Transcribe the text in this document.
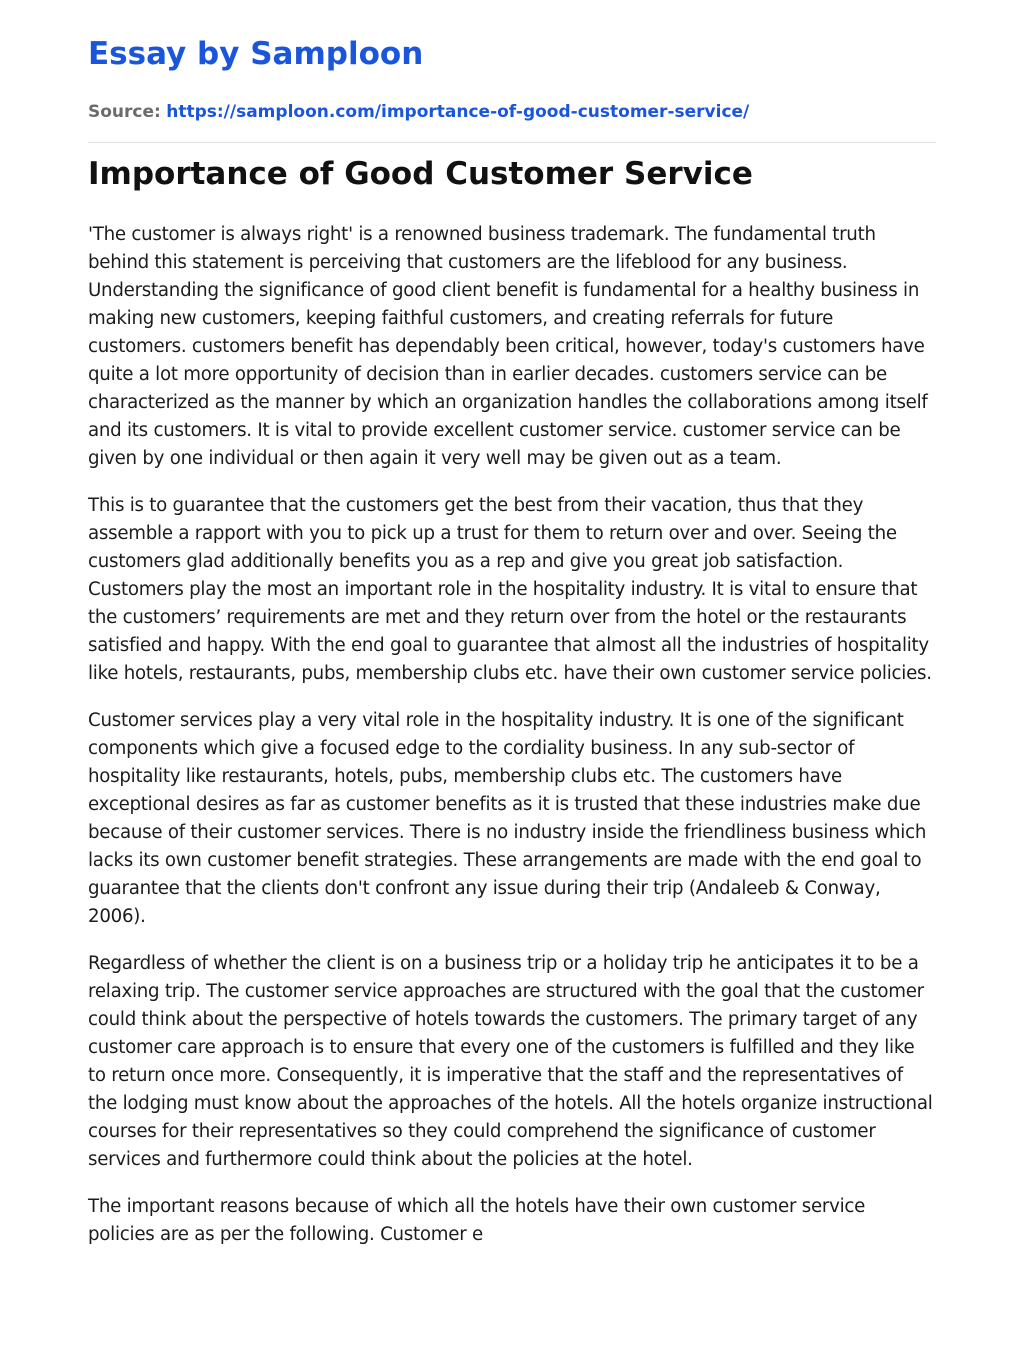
Essay by Samploon
Source: https://samploon.com/importance-of-good-customer-service/
Importance of Good Customer Service

'The customer is always right' is a renowned business trademark. The fundamental truth behind this statement is perceiving that customers are the lifeblood for any business. Understanding the significance of good client benefit is fundamental for a healthy business in making new customers, keeping faithful customers, and creating referrals for future customers. customers benefit has dependably been critical, however, today's customers have quite a lot more opportunity of decision than in earlier decades. customers service can be characterized as the manner by which an organization handles the collaborations among itself and its customers. It is vital to provide excellent customer service. customer service can be given by one individual or then again it very well may be given out as a team.

This is to guarantee that the customers get the best from their vacation, thus that they assemble a rapport with you to pick up a trust for them to return over and over. Seeing the customers glad additionally benefits you as a rep and give you great job satisfaction. Customers play the most an important role in the hospitality industry. It is vital to ensure that the customers’ requirements are met and they return over from the hotel or the restaurants satisfied and happy. With the end goal to guarantee that almost all the industries of hospitality like hotels, restaurants, pubs, membership clubs etc. have their own customer service policies.

Customer services play a very vital role in the hospitality industry. It is one of the significant components which give a focused edge to the cordiality business. In any sub-sector of hospitality like restaurants, hotels, pubs, membership clubs etc. The customers have exceptional desires as far as customer benefits as it is trusted that these industries make due because of their customer services. There is no industry inside the friendliness business which lacks its own customer benefit strategies. These arrangements are made with the end goal to guarantee that the clients don't confront any issue during their trip (Andaleeb & Conway, 2006).

Regardless of whether the client is on a business trip or a holiday trip he anticipates it to be a relaxing trip. The customer service approaches are structured with the goal that the customer could think about the perspective of hotels towards the customers. The primary target of any customer care approach is to ensure that every one of the customers is fulfilled and they like to return once more. Consequently, it is imperative that the staff and the representatives of the lodging must know about the approaches of the hotels. All the hotels organize instructional courses for their representatives so they could comprehend the significance of customer services and furthermore could think about the policies at the hotel.

The important reasons because of which all the hotels have their own customer service policies are as per the following. Customer e
